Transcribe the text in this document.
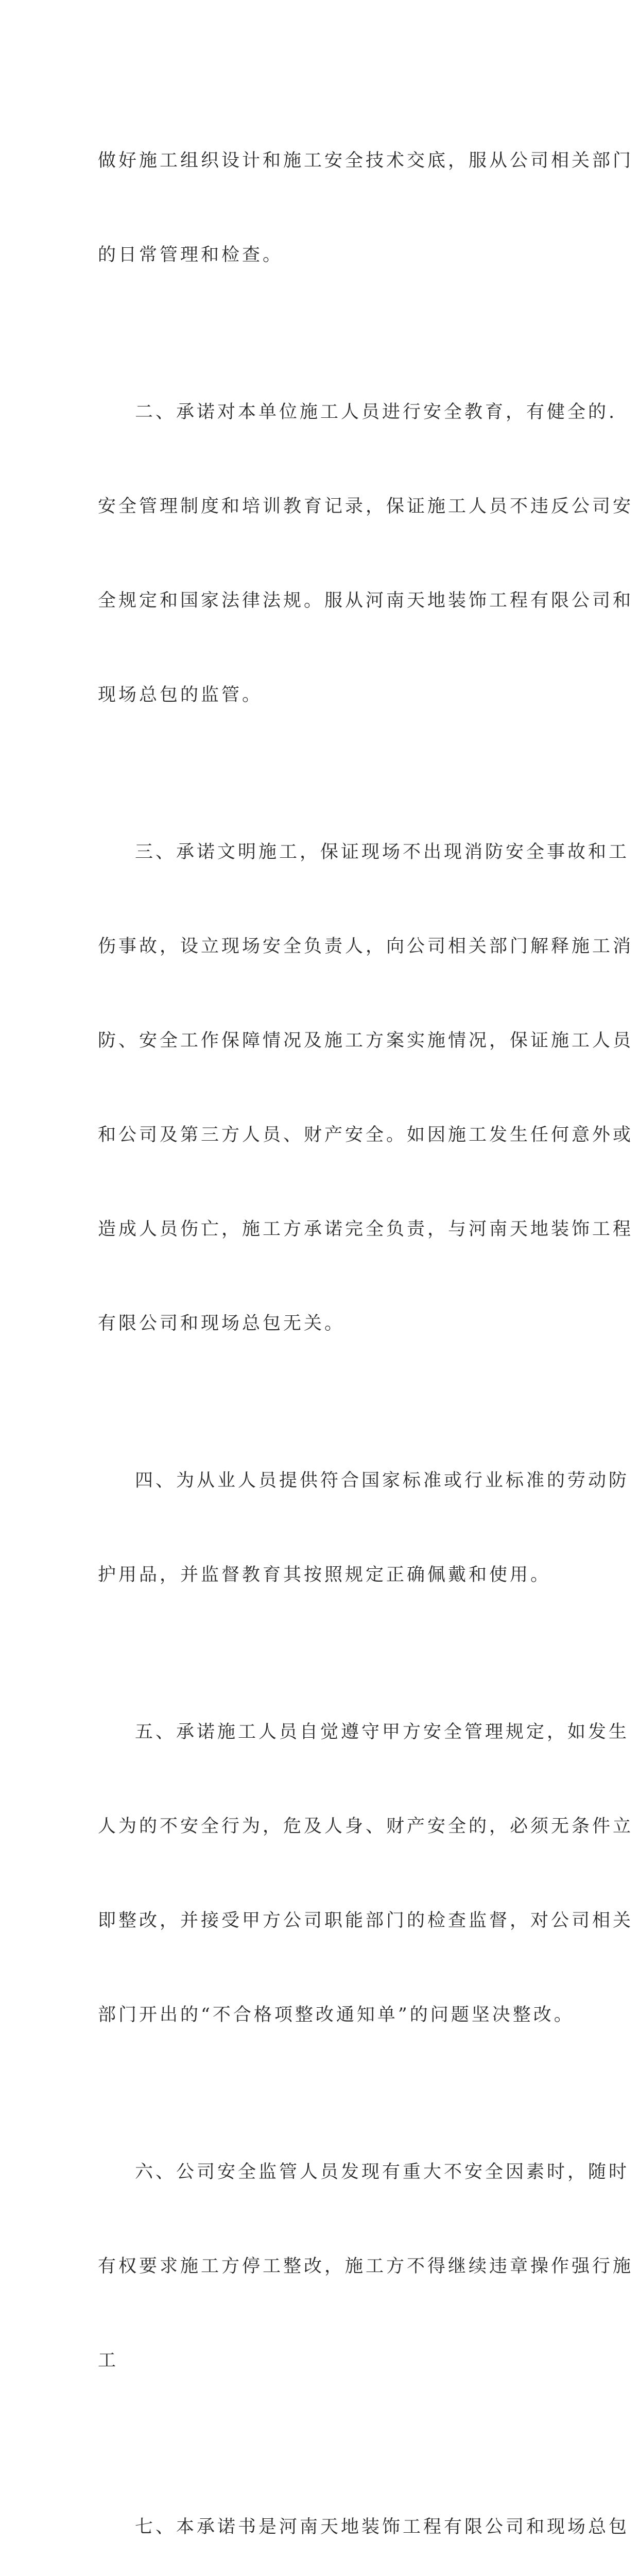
做好施工组织设计和施工安全技术交底，服从公司相关部门

的日常管理和检查。

二、承诺对本单位施工人员进行安全教育，有健全的.

安全管理制度和培训教育记录，保证施工人员不违反公司安

全规定和国家法律法规。服从河南天地装饰工程有限公司和

现场总包的监管。

三、承诺文明施工，保证现场不出现消防安全事故和工

伤事故，设立现场安全负责人，向公司相关部门解释施工消

防、安全工作保障情况及施工方案实施情况，保证施工人员

和公司及第三方人员、财产安全。如因施工发生任何意外或

造成人员伤亡，施工方承诺完全负责，与河南天地装饰工程

有限公司和现场总包无关。

四、为从业人员提供符合国家标准或行业标准的劳动防

护用品，并监督教育其按照规定正确佩戴和使用。

五、承诺施工人员自觉遵守甲方安全管理规定，如发生

人为的不安全行为，危及人身、财产安全的，必须无条件立

即整改，并接受甲方公司职能部门的检查监督，对公司相关

部门开出的“不合格项整改通知单”的问题坚决整改。

六、公司安全监管人员发现有重大不安全因素时，随时

有权要求施工方停工整改，施工方不得继续违章操作强行施

工

七、本承诺书是河南天地装饰工程有限公司和现场总包
